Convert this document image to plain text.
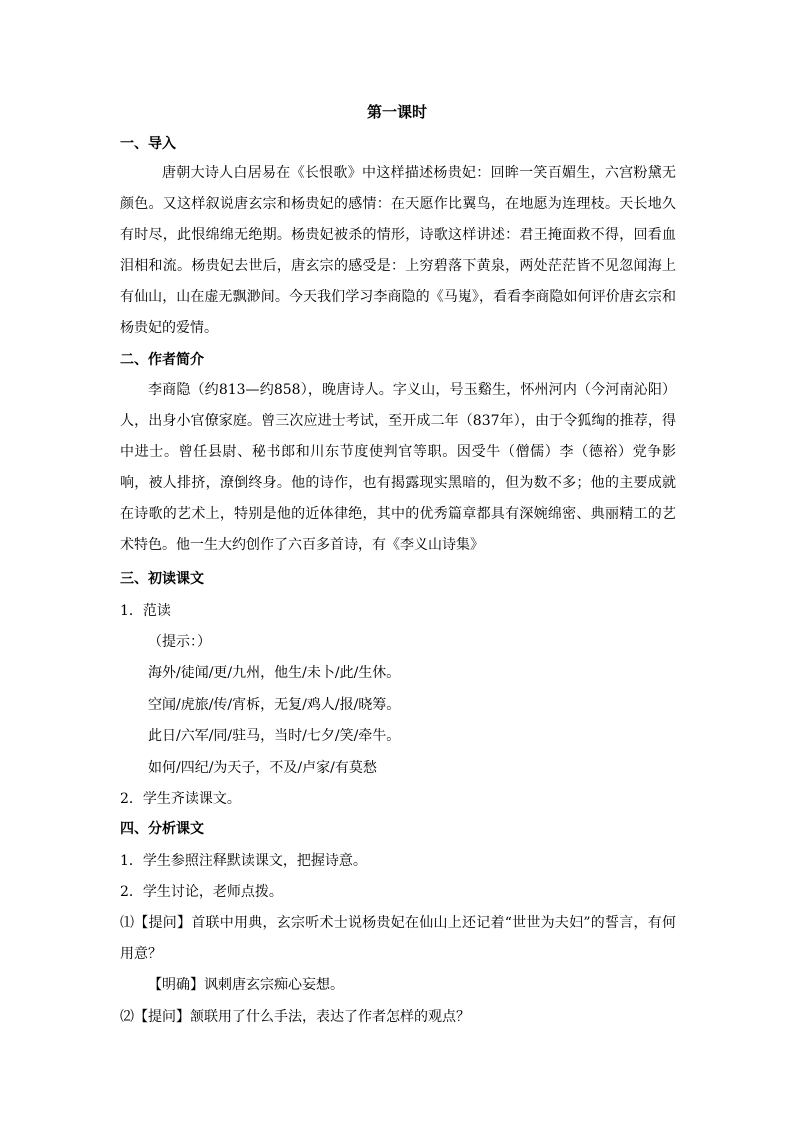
第一课时
一、导入

唐朝大诗人白居易在《长恨歌》中这样描述杨贵妃：回眸一笑百媚生，六宫粉黛无颜色。又这样叙说唐玄宗和杨贵妃的感情：在天愿作比翼鸟，在地愿为连理枝。天长地久有时尽，此恨绵绵无绝期。杨贵妃被杀的情形，诗歌这样讲述：君王掩面救不得，回看血泪相和流。杨贵妃去世后，唐玄宗的感受是：上穷碧落下黄泉，两处茫茫皆不见忽闻海上有仙山，山在虚无飘渺间。今天我们学习李商隐的《马嵬》，看看李商隐如何评价唐玄宗和杨贵妃的爱情。

二、作者简介

李商隐（约813—约858），晚唐诗人。字义山，号玉谿生，怀州河内（今河南沁阳）人，出身小官僚家庭。曾三次应进士考试，至开成二年（837年），由于令狐绹的推荐，得中进士。曾任县尉、秘书郎和川东节度使判官等职。因受牛（僧儒）李（德裕）党争影响，被人排挤，潦倒终身。他的诗作，也有揭露现实黑暗的，但为数不多；他的主要成就在诗歌的艺术上，特别是他的近体律绝，其中的优秀篇章都具有深婉绵密、典丽精工的艺术特色。他一生大约创作了六百多首诗，有《李义山诗集》

三、初读课文
1．范读
（提示：）
海外/徒闻/更/九州，他生/未卜/此/生休。
空闻/虎旅/传/宵柝，无复/鸡人/报/晓筹。
此日/六军/同/驻马，当时/七夕/笑/牵牛。
如何/四纪/为天子，不及/卢家/有莫愁
2．学生齐读课文。
四、分析课文
1．学生参照注释默读课文，把握诗意。
2．学生讨论，老师点拨。

⑴【提问】首联中用典，玄宗听术士说杨贵妃在仙山上还记着“世世为夫妇”的誓言，有何用意？

【明确】讽刺唐玄宗痴心妄想。
⑵【提问】颔联用了什么手法，表达了作者怎样的观点？
